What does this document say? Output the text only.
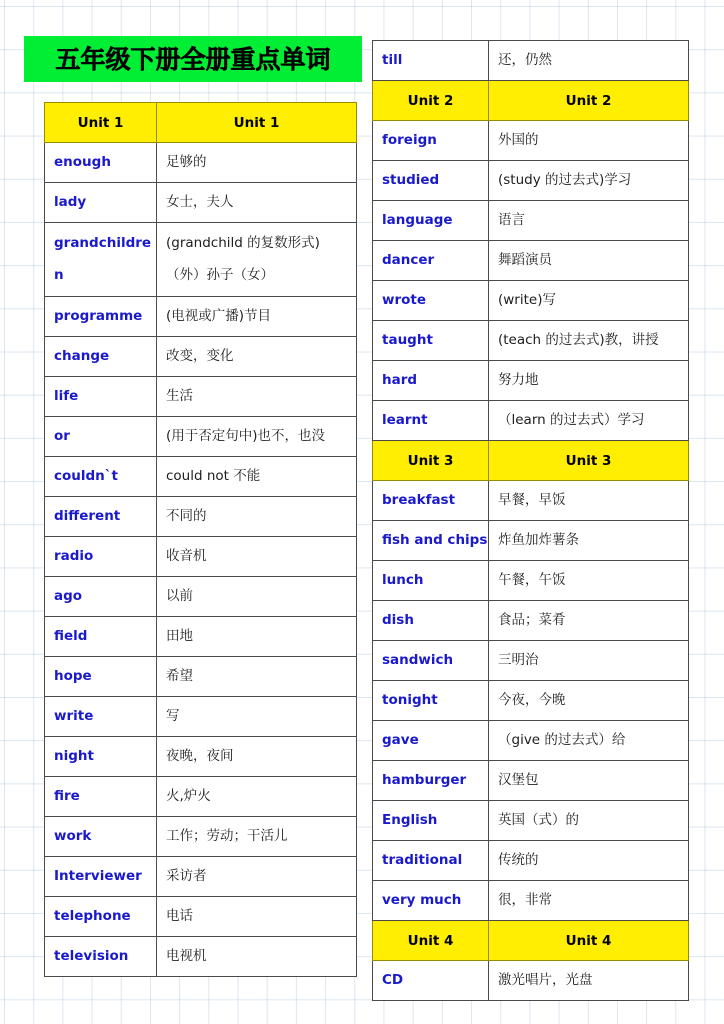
五年级下册全册重点单词
Unit 1	Unit 1
enough	足够的
lady	女士，夫人
grandchildren	(grandchild 的复数形式)
（外）孙子（女）
programme	(电视或广播)节目
change	改变，变化
life	生活
or	(用于否定句中)也不，也没
couldn`t	could not 不能
different	不同的
radio	收音机
ago	以前
field	田地
hope	希望
write	写
night	夜晚，夜间
fire	火,炉火
work	工作；劳动；干活儿
Interviewer	采访者
telephone	电话
television	电视机
till	还，仍然
Unit 2	Unit 2
foreign	外国的
studied	(study 的过去式)学习
language	语言
dancer	舞蹈演员
wrote	(write)写
taught	(teach 的过去式)教，讲授
hard	努力地
learnt	（learn 的过去式）学习
Unit 3	Unit 3
breakfast	早餐，早饭
fish and chips	炸鱼加炸薯条
lunch	午餐，午饭
dish	食品；菜肴
sandwich	三明治
tonight	今夜，今晚
gave	（give 的过去式）给
hamburger	汉堡包
English	英国（式）的
traditional	传统的
very much	很，非常
Unit 4	Unit 4
CD	激光唱片，光盘
